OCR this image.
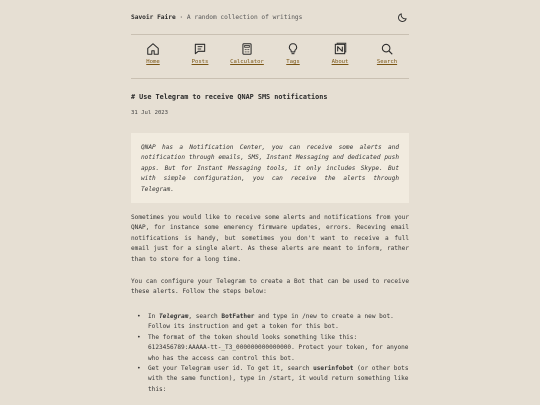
Savoir Faire · A random collection of writings
Home	Posts	Calculator	Tags	About	Search
# Use Telegram to receive QNAP SMS notifications
31 Jul 2023
QNAP has a Notification Center, you can receive some alerts and notification through emails, SMS, Instant Messaging and dedicated push apps. But for Instant Messaging tools, it only includes Skype. But with simple configuration, you can receive the alerts through Telegram.
Sometimes you would like to receive some alerts and notifications from your QNAP, for instance some emerency firmware updates, errors. Receving email notifications is handy, but sometimes you don't want to receive a full email just for a single alert. As these alerts are meant to inform, rather than to store for a long time.
You can configure your Telegram to create a Bot that can be used to receive these alerts. Follow the steps below:
• In Telegram, search BotFather and type in /new to create a new bot. Follow its instruction and get a token for this bot.
• The format of the token should looks something like this: 6123456789:AAAAA-tt-_T3_000000000000000. Protect your token, for anyone who has the access can control this bot.
• Get your Telegram user id. To get it, search userinfobot (or other bots with the same function), type in /start, it would return something like this:
